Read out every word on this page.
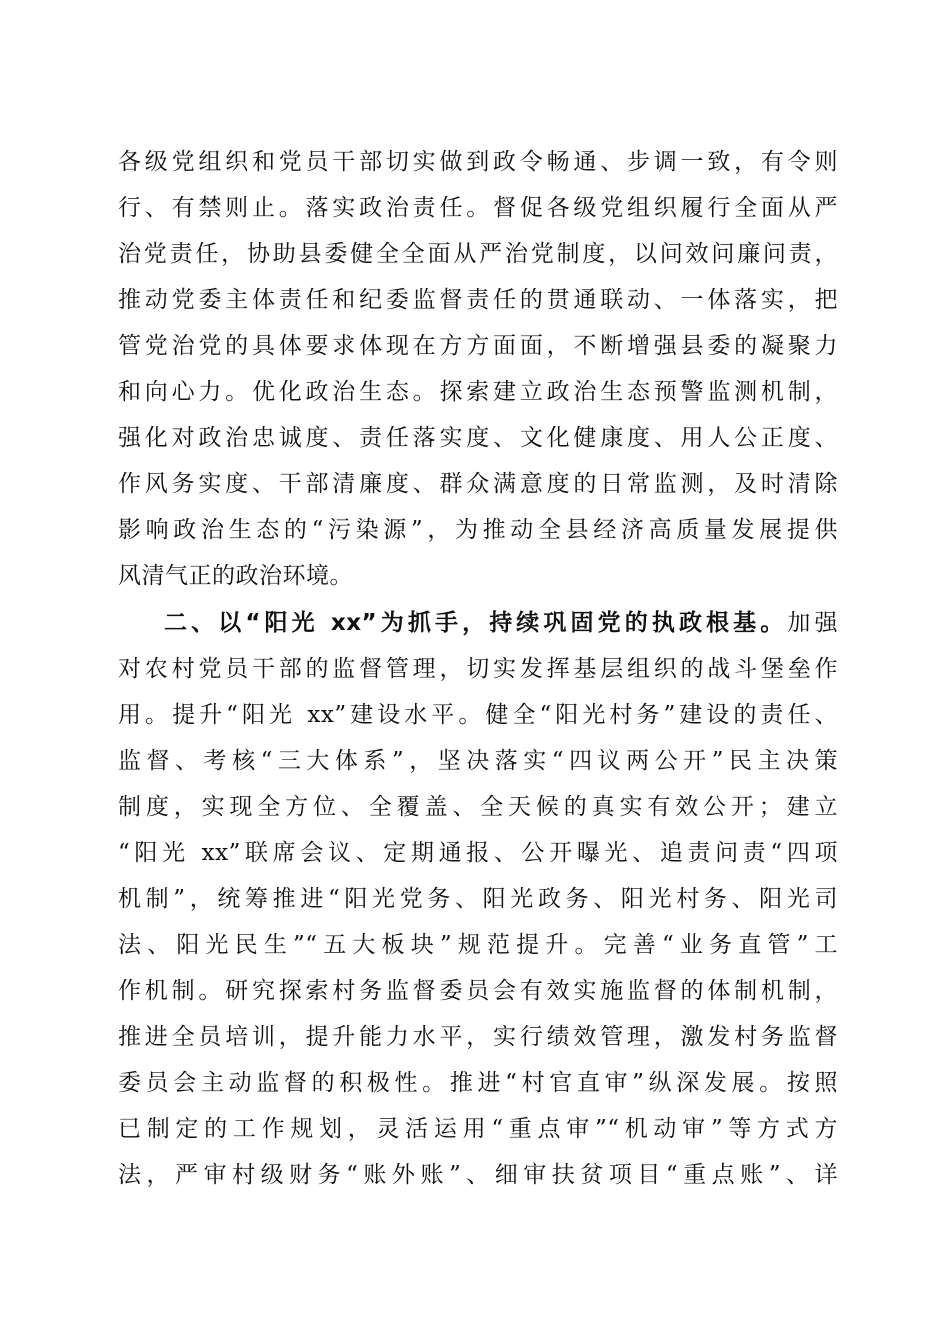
各级党组织和党员干部切实做到政令畅通、步调一致，有令则
行、有禁则止。落实政治责任。督促各级党组织履行全面从严
治党责任，协助县委健全全面从严治党制度，以问效问廉问责，
推动党委主体责任和纪委监督责任的贯通联动、一体落实，把
管党治党的具体要求体现在方方面面，不断增强县委的凝聚力
和向心力。优化政治生态。探索建立政治生态预警监测机制，
强化对政治忠诚度、责任落实度、文化健康度、用人公正度、
作风务实度、干部清廉度、群众满意度的日常监测，及时清除
影响政治生态的“污染源”，为推动全县经济高质量发展提供
风清气正的政治环境。
二、以“阳光 xx”为抓手，持续巩固党的执政根基。加强
对农村党员干部的监督管理，切实发挥基层组织的战斗堡垒作
用。提升“阳光 xx”建设水平。健全“阳光村务”建设的责任、
监督、考核“三大体系”，坚决落实“四议两公开”民主决策
制度，实现全方位、全覆盖、全天候的真实有效公开；建立
“阳光 xx”联席会议、定期通报、公开曝光、追责问责“四项
机制”，统筹推进“阳光党务、阳光政务、阳光村务、阳光司
法、阳光民生”“五大板块”规范提升。完善“业务直管”工
作机制。研究探索村务监督委员会有效实施监督的体制机制，
推进全员培训，提升能力水平，实行绩效管理，激发村务监督
委员会主动监督的积极性。推进“村官直审”纵深发展。按照
已制定的工作规划，灵活运用“重点审”“机动审”等方式方
法，严审村级财务“账外账”、细审扶贫项目“重点账”、详
